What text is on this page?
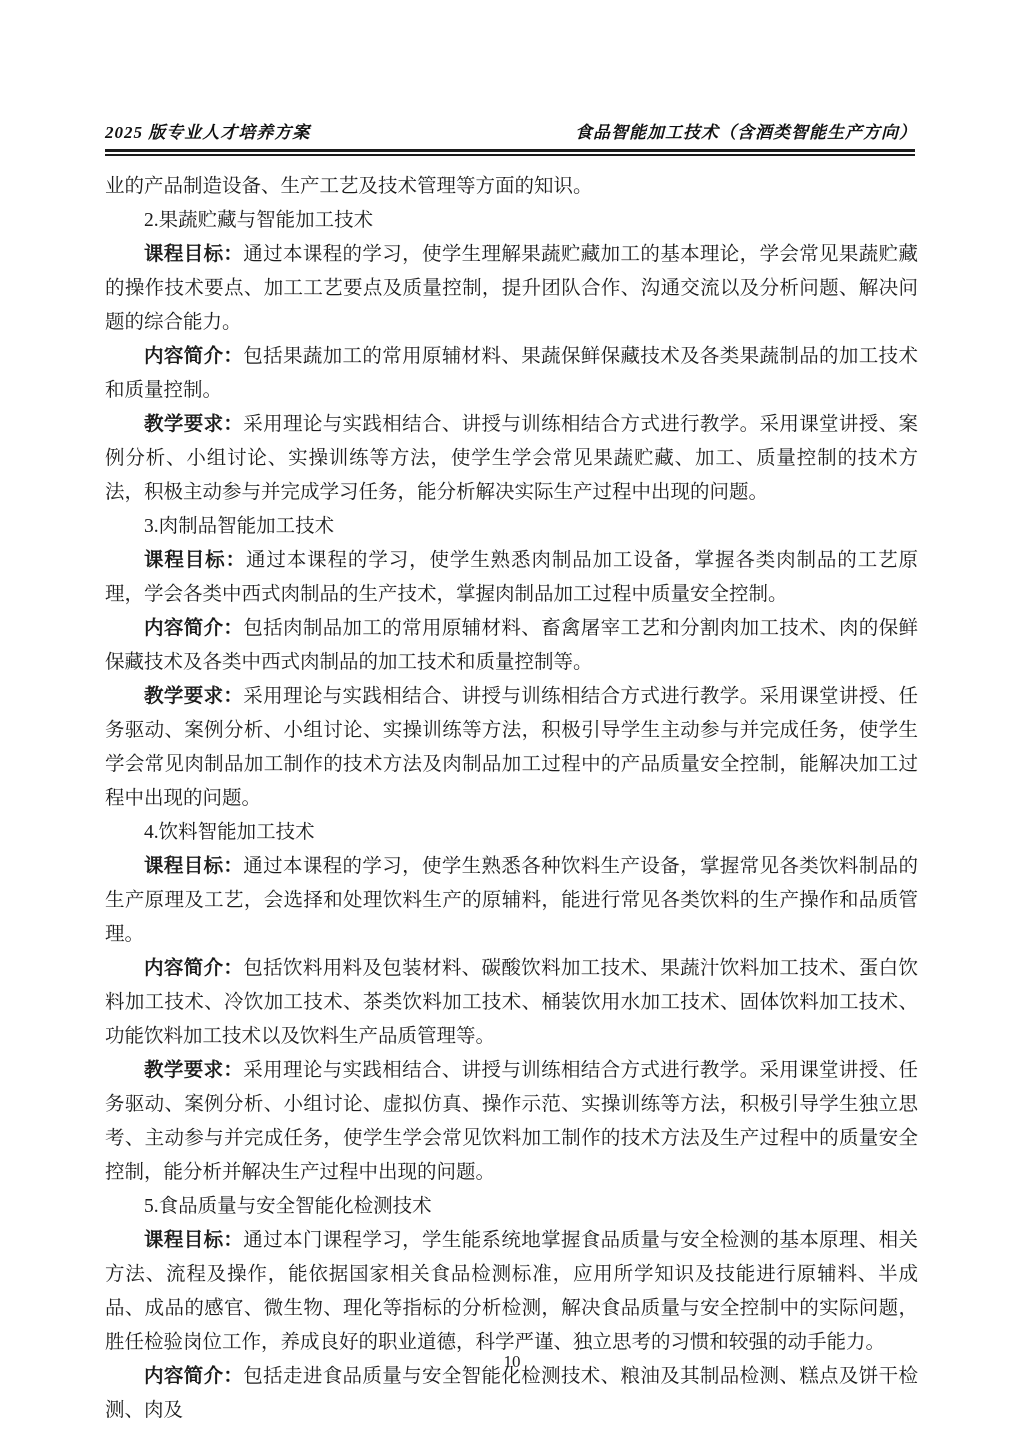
2025 版专业人才培养方案	食品智能加工技术（含酒类智能生产方向）

业的产品制造设备、生产工艺及技术管理等方面的知识。

2.果蔬贮藏与智能加工技术

课程目标：通过本课程的学习，使学生理解果蔬贮藏加工的基本理论，学会常见果蔬贮藏的操作技术要点、加工工艺要点及质量控制，提升团队合作、沟通交流以及分析问题、解决问题的综合能力。

内容简介：包括果蔬加工的常用原辅材料、果蔬保鲜保藏技术及各类果蔬制品的加工技术和质量控制。

教学要求：采用理论与实践相结合、讲授与训练相结合方式进行教学。采用课堂讲授、案例分析、小组讨论、实操训练等方法，使学生学会常见果蔬贮藏、加工、质量控制的技术方法，积极主动参与并完成学习任务，能分析解决实际生产过程中出现的问题。

3.肉制品智能加工技术

课程目标：通过本课程的学习，使学生熟悉肉制品加工设备，掌握各类肉制品的工艺原理，学会各类中西式肉制品的生产技术，掌握肉制品加工过程中质量安全控制。

内容简介：包括肉制品加工的常用原辅材料、畜禽屠宰工艺和分割肉加工技术、肉的保鲜保藏技术及各类中西式肉制品的加工技术和质量控制等。

教学要求：采用理论与实践相结合、讲授与训练相结合方式进行教学。采用课堂讲授、任务驱动、案例分析、小组讨论、实操训练等方法，积极引导学生主动参与并完成任务，使学生学会常见肉制品加工制作的技术方法及肉制品加工过程中的产品质量安全控制，能解决加工过程中出现的问题。

4.饮料智能加工技术

课程目标：通过本课程的学习，使学生熟悉各种饮料生产设备，掌握常见各类饮料制品的生产原理及工艺，会选择和处理饮料生产的原辅料，能进行常见各类饮料的生产操作和品质管理。

内容简介：包括饮料用料及包装材料、碳酸饮料加工技术、果蔬汁饮料加工技术、蛋白饮料加工技术、冷饮加工技术、茶类饮料加工技术、桶装饮用水加工技术、固体饮料加工技术、功能饮料加工技术以及饮料生产品质管理等。

教学要求：采用理论与实践相结合、讲授与训练相结合方式进行教学。采用课堂讲授、任务驱动、案例分析、小组讨论、虚拟仿真、操作示范、实操训练等方法，积极引导学生独立思考、主动参与并完成任务，使学生学会常见饮料加工制作的技术方法及生产过程中的质量安全控制，能分析并解决生产过程中出现的问题。

5.食品质量与安全智能化检测技术

课程目标：通过本门课程学习，学生能系统地掌握食品质量与安全检测的基本原理、相关方法、流程及操作，能依据国家相关食品检测标准，应用所学知识及技能进行原辅料、半成品、成品的感官、微生物、理化等指标的分析检测，解决食品质量与安全控制中的实际问题，胜任检验岗位工作，养成良好的职业道德，科学严谨、独立思考的习惯和较强的动手能力。

内容简介：包括走进食品质量与安全智能化检测技术、粮油及其制品检测、糕点及饼干检测、肉及

10
